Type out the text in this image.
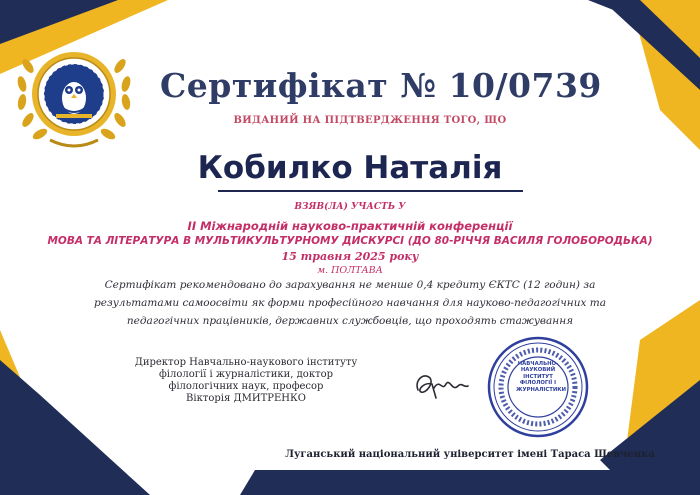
Сертифікат № 10/0739
ВИДАНИЙ НА ПІДТВЕРДЖЕННЯ ТОГО, ЩО
Кобилко Наталія
ВЗЯВ(ЛА) УЧАСТЬ У
ІІ Міжнародній науково-практичній конференції
МОВА ТА ЛІТЕРАТУРА В МУЛЬТИКУЛЬТУРНОМУ ДИСКУРСІ (ДО 80-РІЧЧЯ ВАСИЛЯ ГОЛОБОРОДЬКА)
15 травня 2025 року
м. ПОЛТАВА
Сертифікат рекомендовано до зарахування не менше 0,4 кредиту ЄКТС (12 годин) за
результатами самоосвіти як форми професійного навчання для науково-педагогічних та
педагогічних працівників, державних службовців, що проходять стажування
Директор Навчально-наукового інституту
філології і журналістики, доктор
філологічних наук, професор
Вікторія ДМИТРЕНКО
НАВЧАЛЬНО-
НАУКОВИЙ
ІНСТИТУТ
ФІЛОЛОГІЇ І
ЖУРНАЛІСТИКИ
Луганський національний університет імені Тараса Шевченка
